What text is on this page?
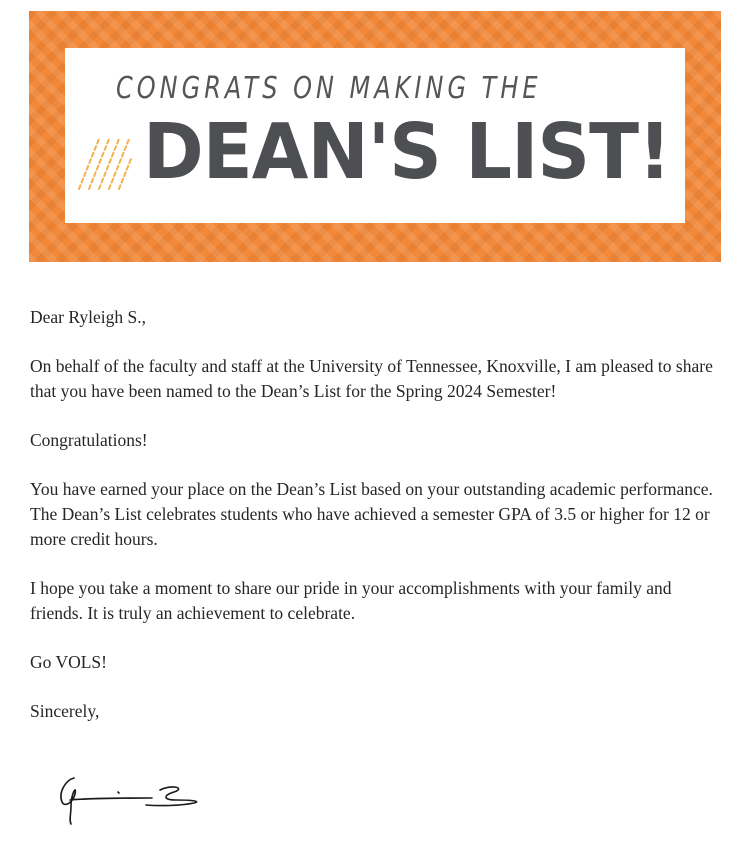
CONGRATS ON MAKING THE
DEAN'S LIST!

Dear Ryleigh S.,

On behalf of the faculty and staff at the University of Tennessee, Knoxville, I am pleased to share that you have been named to the Dean’s List for the Spring 2024 Semester!

Congratulations!

You have earned your place on the Dean’s List based on your outstanding academic performance. The Dean’s List celebrates students who have achieved a semester GPA of 3.5 or higher for 12 or more credit hours.

I hope you take a moment to share our pride in your accomplishments with your family and friends. It is truly an achievement to celebrate.

Go VOLS!

Sincerely,
